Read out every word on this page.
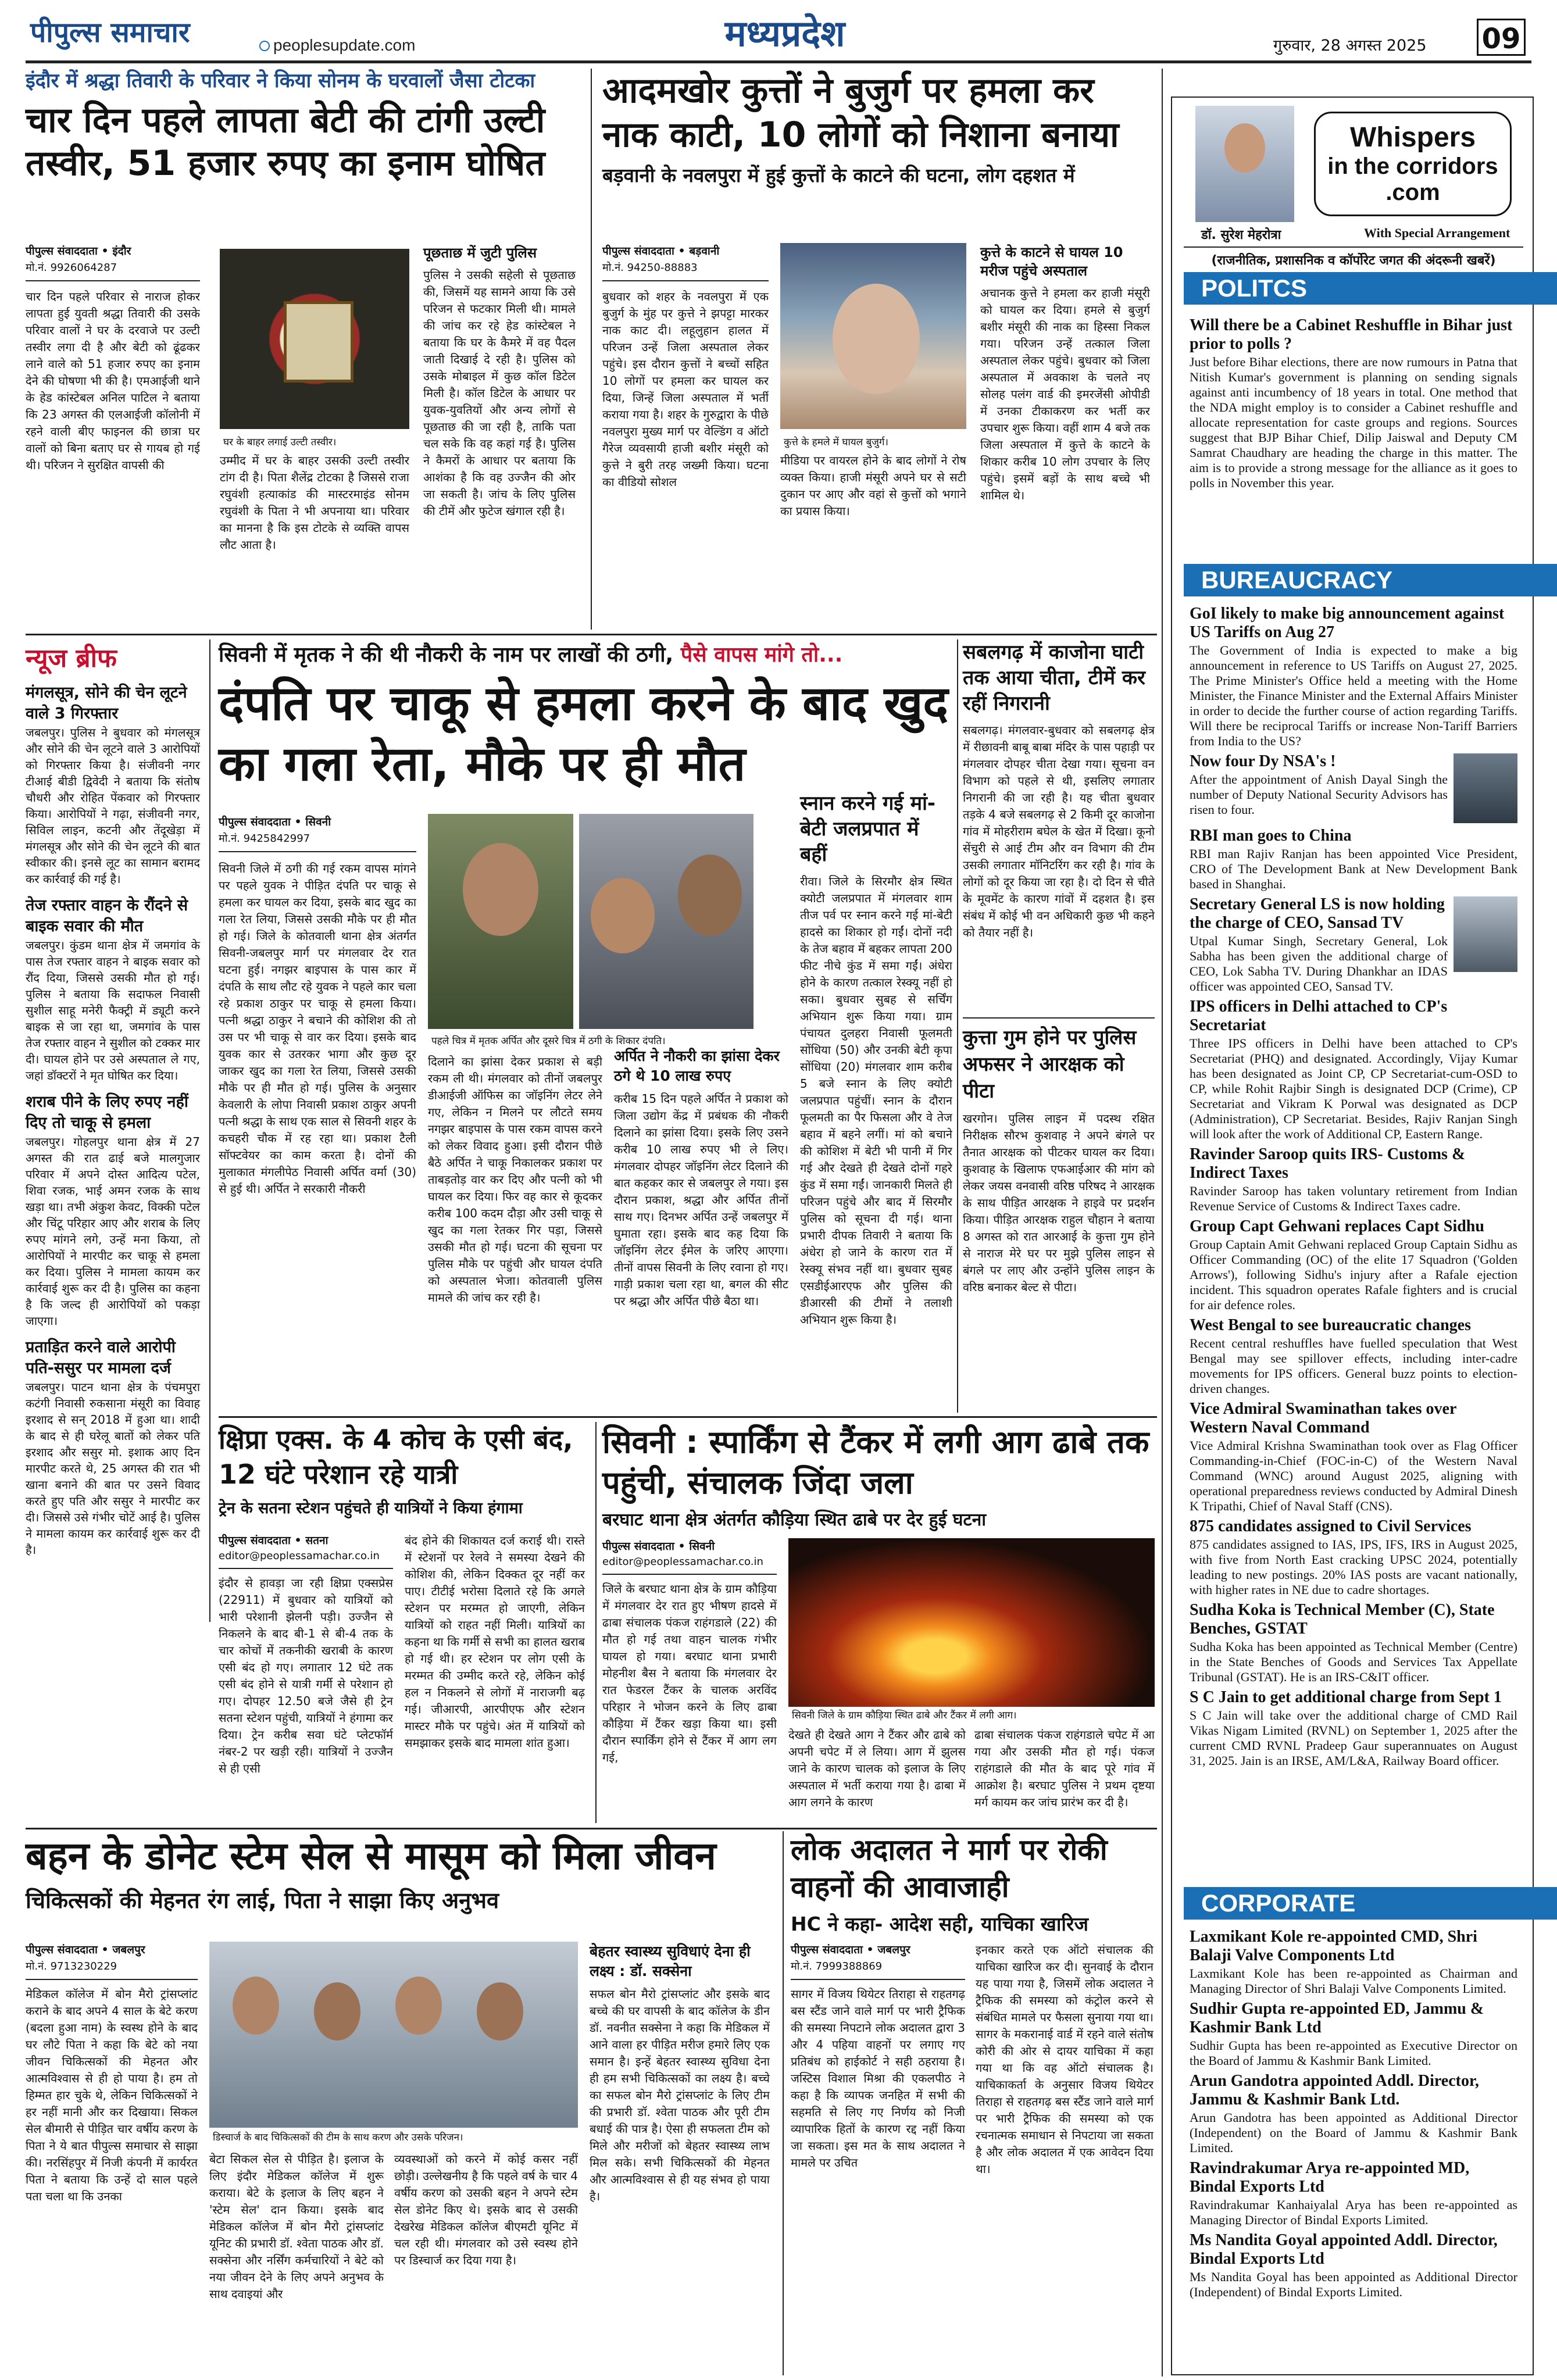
पीपुल्स समाचार	peoplesupdate.com	मध्यप्रदेश	गुरुवार, 28 अगस्त 2025 09
इंदौर में श्रद्धा तिवारी के परिवार ने किया सोनम के घरवालों जैसा टोटका
चार दिन पहले लापता बेटी की टांगी उल्टी तस्वीर, 51 हजार रुपए का इनाम घोषित
पीपुल्स संवाददाता • इंदौर
मो.नं. 9926064287
चार दिन पहले परिवार से नाराज होकर लापता हुई युवती श्रद्धा तिवारी की उसके परिवार वालों ने घर के दरवाजे पर उल्टी तस्वीर लगा दी है और बेटी को ढूंढकर लाने वाले को 51 हजार रुपए का इनाम देने की घोषणा भी की है। एमआईजी थाने के हेड कांस्टेबल अनिल पाटिल ने बताया कि 23 अगस्त की एलआईजी कॉलोनी में रहने वाली बीए फाइनल की छात्रा घर वालों को बिना बताए घर से गायब हो गई थी। परिजन ने सुरक्षित वापसी की
घर के बाहर लगाई उल्टी तस्वीर।
उम्मीद में घर के बाहर उसकी उल्टी तस्वीर टांग दी है। पिता शैलेंद्र टोटका है जिससे राजा रघुवंशी हत्याकांड की मास्टरमाइंड सोनम रघुवंशी के पिता ने भी अपनाया था। परिवार का मानना है कि इस टोटके से व्यक्ति वापस लौट आता है।
पूछताछ में जुटी पुलिस
पुलिस ने उसकी सहेली से पूछताछ की, जिसमें यह सामने आया कि उसे परिजन से फटकार मिली थी। मामले की जांच कर रहे हेड कांस्टेबल ने बताया कि घर के कैमरे में वह पैदल जाती दिखाई दे रही है। पुलिस को उसके मोबाइल में कुछ कॉल डिटेल मिली है। कॉल डिटेल के आधार पर युवक-युवतियों और अन्य लोगों से पूछताछ की जा रही है, ताकि पता चल सके कि वह कहां गई है। पुलिस ने कैमरों के आधार पर बताया कि आशंका है कि वह उज्जैन की ओर जा सकती है। जांच के लिए पुलिस की टीमें और फुटेज खंगाल रही है।
आदमखोर कुत्तों ने बुजुर्ग पर हमला कर नाक काटी, 10 लोगों को निशाना बनाया
बड़वानी के नवलपुरा में हुई कुत्तों के काटने की घटना, लोग दहशत में
पीपुल्स संवाददाता • बड़वानी
मो.नं. 94250-88883
बुधवार को शहर के नवलपुरा में एक बुजुर्ग के मुंह पर कुत्ते ने झपट्टा मारकर नाक काट दी। लहूलुहान हालत में परिजन उन्हें जिला अस्पताल लेकर पहुंचे। इस दौरान कुत्तों ने बच्चों सहित 10 लोगों पर हमला कर घायल कर दिया, जिन्हें जिला अस्पताल में भर्ती कराया गया है। शहर के गुरुद्वारा के पीछे नवलपुरा मुख्य मार्ग पर वेल्डिंग व ऑटो गैरेज व्यवसायी हाजी बशीर मंसूरी को कुत्ते ने बुरी तरह जख्मी किया। घटना का वीडियो सोशल
कुत्ते के हमले में घायल बुजुर्ग।
मीडिया पर वायरल होने के बाद लोगों ने रोष व्यक्त किया। हाजी मंसूरी अपने घर से सटी दुकान पर आए और वहां से कुत्तों को भगाने का प्रयास किया।
कुत्ते के काटने से घायल 10 मरीज पहुंचे अस्पताल
अचानक कुत्ते ने हमला कर हाजी मंसूरी को घायल कर दिया। हमले से बुजुर्ग बशीर मंसूरी की नाक का हिस्सा निकल गया। परिजन उन्हें तत्काल जिला अस्पताल लेकर पहुंचे। बुधवार को जिला अस्पताल में अवकाश के चलते नए सोलह पलंग वार्ड की इमरजेंसी ओपीडी में उनका टीकाकरण कर भर्ती कर उपचार शुरू किया। वहीं शाम 4 बजे तक जिला अस्पताल में कुत्ते के काटने के शिकार करीब 10 लोग उपचार के लिए पहुंचे। इसमें बड़ों के साथ बच्चे भी शामिल थे।
Whispers
in the corridors
.com
डॉ. सुरेश मेहरोत्रा	With Special Arrangement
(राजनीतिक, प्रशासनिक व कॉर्पोरेट जगत की अंदरूनी खबरें)
POLITCS
Will there be a Cabinet Reshuffle in Bihar just prior to polls ?
Just before Bihar elections, there are now rumours in Patna that Nitish Kumar's government is planning on sending signals against anti incumbency of 18 years in total. One method that the NDA might employ is to consider a Cabinet reshuffle and allocate representation for caste groups and regions. Sources suggest that BJP Bihar Chief, Dilip Jaiswal and Deputy CM Samrat Chaudhary are heading the charge in this matter. The aim is to provide a strong message for the alliance as it goes to polls in November this year.
BUREAUCRACY
GoI likely to make big announcement against US Tariffs on Aug 27
The Government of India is expected to make a big announcement in reference to US Tariffs on August 27, 2025. The Prime Minister's Office held a meeting with the Home Minister, the Finance Minister and the External Affairs Minister in order to decide the further course of action regarding Tariffs. Will there be reciprocal Tariffs or increase Non-Tariff Barriers from India to the US?
Now four Dy NSA's !
After the appointment of Anish Dayal Singh the number of Deputy National Security Advisors has risen to four.
RBI man goes to China
RBI man Rajiv Ranjan has been appointed Vice President, CRO of The Development Bank at New Development Bank based in Shanghai.
Secretary General LS is now holding the charge of CEO, Sansad TV
Utpal Kumar Singh, Secretary General, Lok Sabha has been given the additional charge of CEO, Lok Sabha TV. During Dhankhar an IDAS officer was appointed CEO, Sansad TV.
IPS officers in Delhi attached to CP's Secretariat
Three IPS officers in Delhi have been attached to CP's Secretariat (PHQ) and designated. Accordingly, Vijay Kumar has been designated as Joint CP, CP Secretariat-cum-OSD to CP, while Rohit Rajbir Singh is designated DCP (Crime), CP Secretariat and Vikram K Porwal was designated as DCP (Administration), CP Secretariat. Besides, Rajiv Ranjan Singh will look after the work of Additional CP, Eastern Range.
Ravinder Saroop quits IRS- Customs & Indirect Taxes
Ravinder Saroop has taken voluntary retirement from Indian Revenue Service of Customs & Indirect Taxes cadre.
Group Capt Gehwani replaces Capt Sidhu
Group Captain Amit Gehwani replaced Group Captain Sidhu as Officer Commanding (OC) of the elite 17 Squadron ('Golden Arrows'), following Sidhu's injury after a Rafale ejection incident. This squadron operates Rafale fighters and is crucial for air defence roles.
West Bengal to see bureaucratic changes
Recent central reshuffles have fuelled speculation that West Bengal may see spillover effects, including inter-cadre movements for IPS officers. General buzz points to election-driven changes.
Vice Admiral Swaminathan takes over Western Naval Command
Vice Admiral Krishna Swaminathan took over as Flag Officer Commanding-in-Chief (FOC-in-C) of the Western Naval Command (WNC) around August 2025, aligning with operational preparedness reviews conducted by Admiral Dinesh K Tripathi, Chief of Naval Staff (CNS).
875 candidates assigned to Civil Services
875 candidates assigned to IAS, IPS, IFS, IRS in August 2025, with five from North East cracking UPSC 2024, potentially leading to new postings. 20% IAS posts are vacant nationally, with higher rates in NE due to cadre shortages.
Sudha Koka is Technical Member (C), State Benches, GSTAT
Sudha Koka has been appointed as Technical Member (Centre) in the State Benches of Goods and Services Tax Appellate Tribunal (GSTAT). He is an IRS-C&IT officer.
S C Jain to get additional charge from Sept 1
S C Jain will take over the additional charge of CMD Rail Vikas Nigam Limited (RVNL) on September 1, 2025 after the current CMD RVNL Pradeep Gaur superannuates on August 31, 2025. Jain is an IRSE, AM/L&A, Railway Board officer.
CORPORATE
Laxmikant Kole re-appointed CMD, Shri Balaji Valve Components Ltd
Laxmikant Kole has been re-appointed as Chairman and Managing Director of Shri Balaji Valve Components Limited.
Sudhir Gupta re-appointed ED, Jammu & Kashmir Bank Ltd
Sudhir Gupta has been re-appointed as Executive Director on the Board of Jammu & Kashmir Bank Limited.
Arun Gandotra appointed Addl. Director, Jammu & Kashmir Bank Ltd.
Arun Gandotra has been appointed as Additional Director (Independent) on the Board of Jammu & Kashmir Bank Limited.
Ravindrakumar Arya re-appointed MD, Bindal Exports Ltd
Ravindrakumar Kanhaiyalal Arya has been re-appointed as Managing Director of Bindal Exports Limited.
Ms Nandita Goyal appointed Addl. Director, Bindal Exports Ltd
Ms Nandita Goyal has been appointed as Additional Director (Independent) of Bindal Exports Limited.
न्यूज ब्रीफ
मंगलसूत्र, सोने की चेन लूटने वाले 3 गिरफ्तार
जबलपुर। पुलिस ने बुधवार को मंगलसूत्र और सोने की चेन लूटने वाले 3 आरोपियों को गिरफ्तार किया है। संजीवनी नगर टीआई बीडी द्विवेदी ने बताया कि संतोष चौधरी और रोहित पेंकवार को गिरफ्तार किया। आरोपियों ने गढ़ा, संजीवनी नगर, सिविल लाइन, कटनी और तेंदूखेड़ा में मंगलसूत्र और सोने की चेन लूटने की बात स्वीकार की। इनसे लूट का सामान बरामद कर कार्रवाई की गई है।
तेज रफ्तार वाहन के रौंदने से बाइक सवार की मौत
जबलपुर। कुंडम थाना क्षेत्र में जमगांव के पास तेज रफ्तार वाहन ने बाइक सवार को रौंद दिया, जिससे उसकी मौत हो गई। पुलिस ने बताया कि सदाफल निवासी सुशील साहू मनेरी फैक्ट्री में ड्यूटी करने बाइक से जा रहा था, जमगांव के पास तेज रफ्तार वाहन ने सुशील को टक्कर मार दी। घायल होने पर उसे अस्पताल ले गए, जहां डॉक्टरों ने मृत घोषित कर दिया।
शराब पीने के लिए रुपए नहीं दिए तो चाकू से हमला
जबलपुर। गोहलपुर थाना क्षेत्र में 27 अगस्त की रात ढाई बजे मालगुजार परिवार में अपने दोस्त आदित्य पटेल, शिवा रजक, भाई अमन रजक के साथ खड़ा था। तभी अंकुश केवट, विक्की पटेल और चिंटू परिहार आए और शराब के लिए रुपए मांगने लगे, उन्हें मना किया, तो आरोपियों ने मारपीट कर चाकू से हमला कर दिया। पुलिस ने मामला कायम कर कार्रवाई शुरू कर दी है। पुलिस का कहना है कि जल्द ही आरोपियों को पकड़ा जाएगा।
प्रताड़ित करने वाले आरोपी पति-ससुर पर मामला दर्ज
जबलपुर। पाटन थाना क्षेत्र के पंचमपुरा कटंगी निवासी रुकसाना मंसूरी का विवाह इरशाद से सन् 2018 में हुआ था। शादी के बाद से ही घरेलू बातों को लेकर पति इरशाद और ससुर मो. इशाक आए दिन मारपीट करते थे, 25 अगस्त की रात भी खाना बनाने की बात पर उसने विवाद करते हुए पति और ससुर ने मारपीट कर दी। जिससे उसे गंभीर चोटें आई है। पुलिस ने मामला कायम कर कार्रवाई शुरू कर दी है।
सिवनी में मृतक ने की थी नौकरी के नाम पर लाखों की ठगी, पैसे वापस मांगे तो...
दंपति पर चाकू से हमला करने के बाद खुद का गला रेता, मौके पर ही मौत
पीपुल्स संवाददाता • सिवनी
मो.नं. 9425842997
पहले चित्र में मृतक अर्पित और दूसरे चित्र में ठगी के शिकार दंपति।
सिवनी जिले में ठगी की गई रकम वापस मांगने पर पहले युवक ने पीड़ित दंपति पर चाकू से हमला कर घायल कर दिया, इसके बाद खुद का गला रेत लिया, जिससे उसकी मौके पर ही मौत हो गई। जिले के कोतवाली थाना क्षेत्र अंतर्गत सिवनी-जबलपुर मार्ग पर मंगलवार देर रात घटना हुई। नगझर बाइपास के पास कार में दंपति के साथ लौट रहे युवक ने पहले कार चला रहे प्रकाश ठाकुर पर चाकू से हमला किया। पत्नी श्रद्धा ठाकुर ने बचाने की कोशिश की तो उस पर भी चाकू से वार कर दिया। इसके बाद युवक कार से उतरकर भागा और कुछ दूर जाकर खुद का गला रेत लिया, जिससे उसकी मौके पर ही मौत हो गई। पुलिस के अनुसार केवलारी के लोपा निवासी प्रकाश ठाकुर अपनी पत्नी श्रद्धा के साथ एक साल से सिवनी शहर के कचहरी चौक में रह रहा था। प्रकाश टैली सॉफ्टवेयर का काम करता है। दोनों की मुलाकात मंगलीपेठ निवासी अर्पित वर्मा (30) से हुई थी। अर्पित ने सरकारी नौकरी
दिलाने का झांसा देकर प्रकाश से बड़ी रकम ली थी। मंगलवार को तीनों जबलपुर डीआईजी ऑफिस का जॉइनिंग लेटर लेने गए, लेकिन न मिलने पर लौटते समय नगझर बाइपास के पास रकम वापस करने को लेकर विवाद हुआ। इसी दौरान पीछे बैठे अर्पित ने चाकू निकालकर प्रकाश पर ताबड़तोड़ वार कर दिए और पत्नी को भी घायल कर दिया। फिर वह कार से कूदकर करीब 100 कदम दौड़ा और उसी चाकू से खुद का गला रेतकर गिर पड़ा, जिससे उसकी मौत हो गई। घटना की सूचना पर पुलिस मौके पर पहुंची और घायल दंपति को अस्पताल भेजा। कोतवाली पुलिस मामले की जांच कर रही है।
अर्पित ने नौकरी का झांसा देकर ठगे थे 10 लाख रुपए
करीब 15 दिन पहले अर्पित ने प्रकाश को जिला उद्योग केंद्र में प्रबंधक की नौकरी दिलाने का झांसा दिया। इसके लिए उसने करीब 10 लाख रुपए भी ले लिए। मंगलवार दोपहर जॉइनिंग लेटर दिलाने की बात कहकर कार से जबलपुर ले गया। इस दौरान प्रकाश, श्रद्धा और अर्पित तीनों साथ गए। दिनभर अर्पित उन्हें जबलपुर में घुमाता रहा। इसके बाद कह दिया कि जॉइनिंग लेटर ईमेल के जरिए आएगा। तीनों वापस सिवनी के लिए रवाना हो गए। गाड़ी प्रकाश चला रहा था, बगल की सीट पर श्रद्धा और अर्पित पीछे बैठा था।
स्नान करने गई मां-बेटी जलप्रपात में बहीं
रीवा। जिले के सिरमौर क्षेत्र स्थित क्योटी जलप्रपात में मंगलवार शाम तीज पर्व पर स्नान करने गई मां-बेटी हादसे का शिकार हो गईं। दोनों नदी के तेज बहाव में बहकर लापता 200 फीट नीचे कुंड में समा गईं। अंधेरा होने के कारण तत्काल रेस्क्यू नहीं हो सका। बुधवार सुबह से सर्चिंग अभियान शुरू किया गया। ग्राम पंचायत दुलहरा निवासी फूलमती सोंधिया (50) और उनकी बेटी कृपा सोंधिया (20) मंगलवार शाम करीब 5 बजे स्नान के लिए क्योटी जलप्रपात पहुंचीं। स्नान के दौरान फूलमती का पैर फिसला और वे तेज बहाव में बहने लगीं। मां को बचाने की कोशिश में बेटी भी पानी में गिर गई और देखते ही देखते दोनों गहरे कुंड में समा गईं। जानकारी मिलते ही परिजन पहुंचे और बाद में सिरमौर पुलिस को सूचना दी गई। थाना प्रभारी दीपक तिवारी ने बताया कि अंधेरा हो जाने के कारण रात में रेस्क्यू संभव नहीं था। बुधवार सुबह एसडीईआरएफ और पुलिस की डीआरसी की टीमों ने तलाशी अभियान शुरू किया है।
सबलगढ़ में काजोना घाटी तक आया चीता, टीमें कर रहीं निगरानी
सबलगढ़। मंगलवार-बुधवार को सबलगढ़ क्षेत्र में रीछावनी बाबू बाबा मंदिर के पास पहाड़ी पर मंगलवार दोपहर चीता देखा गया। सूचना वन विभाग को पहले से थी, इसलिए लगातार निगरानी की जा रही है। यह चीता बुधवार तड़के 4 बजे सबलगढ़ से 2 किमी दूर काजोना गांव में मोहरीराम बघेल के खेत में दिखा। कूनो सेंचुरी से आई टीम और वन विभाग की टीम उसकी लगातार मॉनिटरिंग कर रही है। गांव के लोगों को दूर किया जा रहा है। दो दिन से चीते के मूवमेंट के कारण गांवों में दहशत है। इस संबंध में कोई भी वन अधिकारी कुछ भी कहने को तैयार नहीं है।
कुत्ता गुम होने पर पुलिस अफसर ने आरक्षक को पीटा
खरगोन। पुलिस लाइन में पदस्थ रक्षित निरीक्षक सौरभ कुशवाह ने अपने बंगले पर तैनात आरक्षक को पीटकर घायल कर दिया। कुशवाह के खिलाफ एफआईआर की मांग को लेकर जयस वनवासी वरिष्ठ परिषद ने आरक्षक के साथ पीड़ित आरक्षक ने हाइवे पर प्रदर्शन किया। पीड़ित आरक्षक राहुल चौहान ने बताया 8 अगस्त को रात आरआई के कुत्ता गुम होने से नाराज मेरे घर पर मुझे पुलिस लाइन से बंगले पर लाए और उन्होंने पुलिस लाइन के वरिष्ठ बनाकर बेल्ट से पीटा।
क्षिप्रा एक्स. के 4 कोच के एसी बंद, 12 घंटे परेशान रहे यात्री
ट्रेन के सतना स्टेशन पहुंचते ही यात्रियों ने किया हंगामा
पीपुल्स संवाददाता • सतना
editor@peoplessamachar.co.in
इंदौर से हावड़ा जा रही क्षिप्रा एक्सप्रेस (22911) में बुधवार को यात्रियों को भारी परेशानी झेलनी पड़ी। उज्जैन से निकलने के बाद बी-1 से बी-4 तक के चार कोचों में तकनीकी खराबी के कारण एसी बंद हो गए। लगातार 12 घंटे तक एसी बंद होने से यात्री गर्मी से परेशान हो गए। दोपहर 12.50 बजे जैसे ही ट्रेन सतना स्टेशन पहुंची, यात्रियों ने हंगामा कर दिया। ट्रेन करीब सवा घंटे प्लेटफॉर्म नंबर-2 पर खड़ी रही। यात्रियों ने उज्जैन से ही एसी
बंद होने की शिकायत दर्ज कराई थी। रास्ते में स्टेशनों पर रेलवे ने समस्या देखने की कोशिश की, लेकिन दिक्कत दूर नहीं कर पाए। टीटीई भरोसा दिलाते रहे कि अगले स्टेशन पर मरम्मत हो जाएगी, लेकिन यात्रियों को राहत नहीं मिली। यात्रियों का कहना था कि गर्मी से सभी का हालत खराब हो गई थी। हर स्टेशन पर लोग एसी के मरम्मत की उम्मीद करते रहे, लेकिन कोई हल न निकलने से लोगों में नाराजगी बढ़ गई। जीआरपी, आरपीएफ और स्टेशन मास्टर मौके पर पहुंचे। अंत में यात्रियों को समझाकर इसके बाद मामला शांत हुआ।
सिवनी : स्पार्किंग से टैंकर में लगी आग ढाबे तक पहुंची, संचालक जिंदा जला
बरघाट थाना क्षेत्र अंतर्गत कौड़िया स्थित ढाबे पर देर हुई घटना
पीपुल्स संवाददाता • सिवनी
editor@peoplessamachar.co.in
जिले के बरघाट थाना क्षेत्र के ग्राम कौड़िया में मंगलवार देर रात हुए भीषण हादसे में ढाबा संचालक पंकज राहंगडाले (22) की मौत हो गई तथा वाहन चालक गंभीर घायल हो गया। बरघाट थाना प्रभारी मोहनीश बैस ने बताया कि मंगलवार देर रात फेडरल टैंकर के चालक अरविंद परिहार ने भोजन करने के लिए ढाबा कौड़िया में टैंकर खड़ा किया था। इसी दौरान स्पार्किंग होने से टैंकर में आग लग गई,
सिवनी जिले के ग्राम कौड़िया स्थित ढाबे और टैंकर में लगी आग।
देखते ही देखते आग ने टैंकर और ढाबे को अपनी चपेट में ले लिया। आग में झुलस जाने के कारण चालक को इलाज के लिए अस्पताल में भर्ती कराया गया है। ढाबा में आग लगने के कारण
ढाबा संचालक पंकज राहंगडाले चपेट में आ गया और उसकी मौत हो गई। पंकज राहंगडाले की मौत के बाद पूरे गांव में आक्रोश है। बरघाट पुलिस ने प्रथम दृष्टया मर्ग कायम कर जांच प्रारंभ कर दी है।
बहन के डोनेट स्टेम सेल से मासूम को मिला जीवन
चिकित्सकों की मेहनत रंग लाई, पिता ने साझा किए अनुभव
पीपुल्स संवाददाता • जबलपुर
मो.नं. 9713230229
मेडिकल कॉलेज में बोन मैरो ट्रांसप्लांट कराने के बाद अपने 4 साल के बेटे करण (बदला हुआ नाम) के स्वस्थ होने के बाद घर लौटे पिता ने कहा कि बेटे को नया जीवन चिकित्सकों की मेहनत और आत्मविश्वास से ही हो पाया है। हम तो हिम्मत हार चुके थे, लेकिन चिकित्सकों ने हर नहीं मानी और कर दिखाया। सिकल सेल बीमारी से पीड़ित चार वर्षीय करण के पिता ने ये बात पीपुल्स समाचार से साझा की। नरसिंहपुर में निजी कंपनी में कार्यरत पिता ने बताया कि उन्हें दो साल पहले पता चला था कि उनका
डिस्चार्ज के बाद चिकित्सकों की टीम के साथ करण और उसके परिजन।
बेटा सिकल सेल से पीड़ित है। इलाज के लिए इंदौर मेडिकल कॉलेज में शुरू कराया। बेटे के इलाज के लिए बहन ने 'स्टेम सेल' दान किया। इसके बाद मेडिकल कॉलेज में बोन मैरो ट्रांसप्लांट यूनिट की प्रभारी डॉ. श्वेता पाठक और डॉ. सक्सेना और नर्सिंग कर्मचारियों ने बेटे को नया जीवन देने के लिए अपने अनुभव के साथ दवाइयां और
व्यवस्थाओं को करने में कोई कसर नहीं छोड़ी। उल्लेखनीय है कि पहले वर्ष के चार 4 वर्षीय करण को उसकी बहन ने अपने स्टेम सेल डोनेट किए थे। इसके बाद से उसकी देखरेख मेडिकल कॉलेज बीएमटी यूनिट में चल रही थी। मंगलवार को उसे स्वस्थ होने पर डिस्चार्ज कर दिया गया है।
बेहतर स्वास्थ्य सुविधाएं देना ही लक्ष्य : डॉ. सक्सेना
सफल बोन मैरो ट्रांसप्लांट और इसके बाद बच्चे की घर वापसी के बाद कॉलेज के डीन डॉ. नवनीत सक्सेना ने कहा कि मेडिकल में आने वाला हर पीड़ित मरीज हमारे लिए एक समान है। इन्हें बेहतर स्वास्थ्य सुविधा देना ही हम सभी चिकित्सकों का लक्ष्य है। बच्चे का सफल बोन मैरो ट्रांसप्लांट के लिए टीम की प्रभारी डॉ. श्वेता पाठक और पूरी टीम बधाई की पात्र है। ऐसा ही सफलता टीम को मिले और मरीजों को बेहतर स्वास्थ्य लाभ मिल सके। सभी चिकित्सकों की मेहनत और आत्मविश्वास से ही यह संभव हो पाया है।
लोक अदालत ने मार्ग पर रोकी वाहनों की आवाजाही
HC ने कहा- आदेश सही, याचिका खारिज
पीपुल्स संवाददाता • जबलपुर
मो.नं. 7999388869
सागर में विजय थियेटर तिराहा से राहतगढ़ बस स्टैंड जाने वाले मार्ग पर भारी ट्रैफिक की समस्या निपटाने लोक अदालत द्वारा 3 और 4 पहिया वाहनों पर लगाए गए प्रतिबंध को हाईकोर्ट ने सही ठहराया है। जस्टिस विशाल मिश्रा की एकलपीठ ने कहा है कि व्यापक जनहित में सभी की सहमति से लिए गए निर्णय को निजी व्यापारिक हितों के कारण रद्द नहीं किया जा सकता। इस मत के साथ अदालत ने मामले पर उचित
इनकार करते एक ऑटो संचालक की याचिका खारिज कर दी। सुनवाई के दौरान यह पाया गया है, जिसमें लोक अदालत ने ट्रैफिक की समस्या को कंट्रोल करने से संबंधित मामले पर फैसला सुनाया गया था। सागर के मकरानाई वार्ड में रहने वाले संतोष कोरी की ओर से दायर याचिका में कहा गया था कि वह ऑटो संचालक है। याचिकाकर्ता के अनुसार विजय थियेटर तिराहा से राहतगढ़ बस स्टैंड जाने वाले मार्ग पर भारी ट्रैफिक की समस्या को एक रचनात्मक समाधान से निपटाया जा सकता है और लोक अदालत में एक आवेदन दिया था।
